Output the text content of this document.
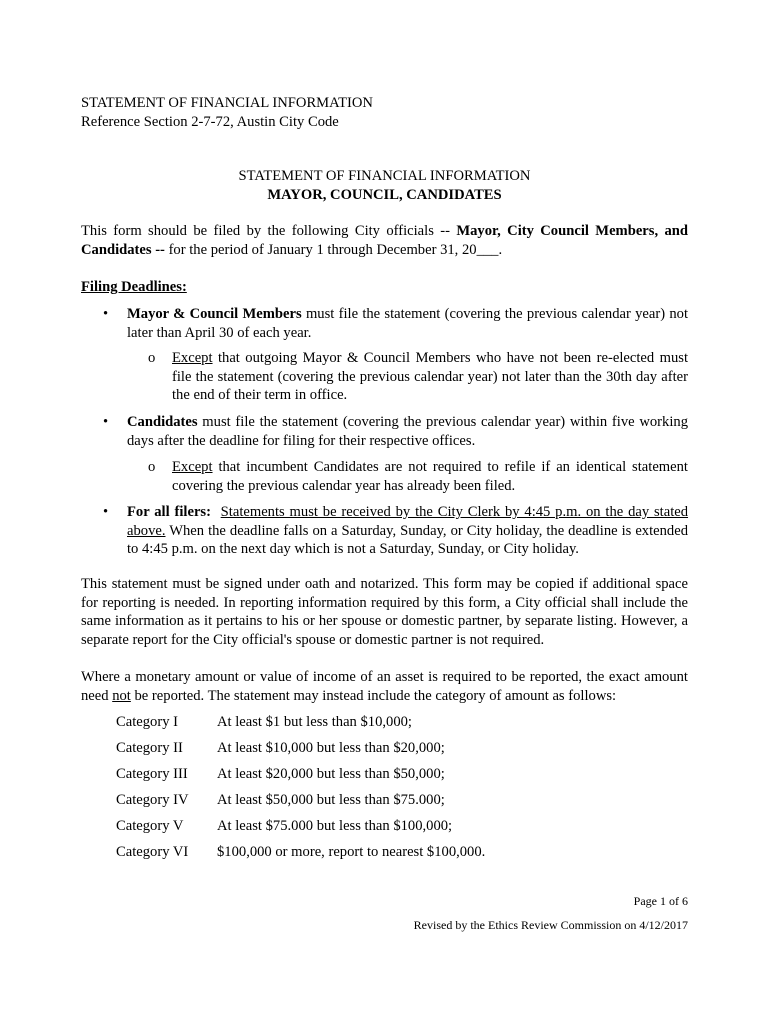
STATEMENT OF FINANCIAL INFORMATION
Reference Section 2-7-72, Austin City Code
STATEMENT OF FINANCIAL INFORMATION
MAYOR, COUNCIL, CANDIDATES
This form should be filed by the following City officials -- Mayor, City Council Members, and Candidates -- for the period of January 1 through December 31, 20___.
Filing Deadlines:
• Mayor & Council Members must file the statement (covering the previous calendar year) not later than April 30 of each year.
o Except that outgoing Mayor & Council Members who have not been re-elected must file the statement (covering the previous calendar year) not later than the 30th day after the end of their term in office.
• Candidates must file the statement (covering the previous calendar year) within five working days after the deadline for filing for their respective offices.
o Except that incumbent Candidates are not required to refile if an identical statement covering the previous calendar year has already been filed.
• For all filers: Statements must be received by the City Clerk by 4:45 p.m. on the day stated above. When the deadline falls on a Saturday, Sunday, or City holiday, the deadline is extended to 4:45 p.m. on the next day which is not a Saturday, Sunday, or City holiday.
This statement must be signed under oath and notarized. This form may be copied if additional space for reporting is needed. In reporting information required by this form, a City official shall include the same information as it pertains to his or her spouse or domestic partner, by separate listing. However, a separate report for the City official's spouse or domestic partner is not required.
Where a monetary amount or value of income of an asset is required to be reported, the exact amount need not be reported. The statement may instead include the category of amount as follows:
Category I	At least $1 but less than $10,000;
Category II At least $10,000 but less than $20,000;
Category III At least $20,000 but less than $50,000;
Category IV At least $50,000 but less than $75.000;
Category V At least $75.000 but less than $100,000;
Category VI $100,000 or more, report to nearest $100,000.
Page 1 of 6
Revised by the Ethics Review Commission on 4/12/2017
